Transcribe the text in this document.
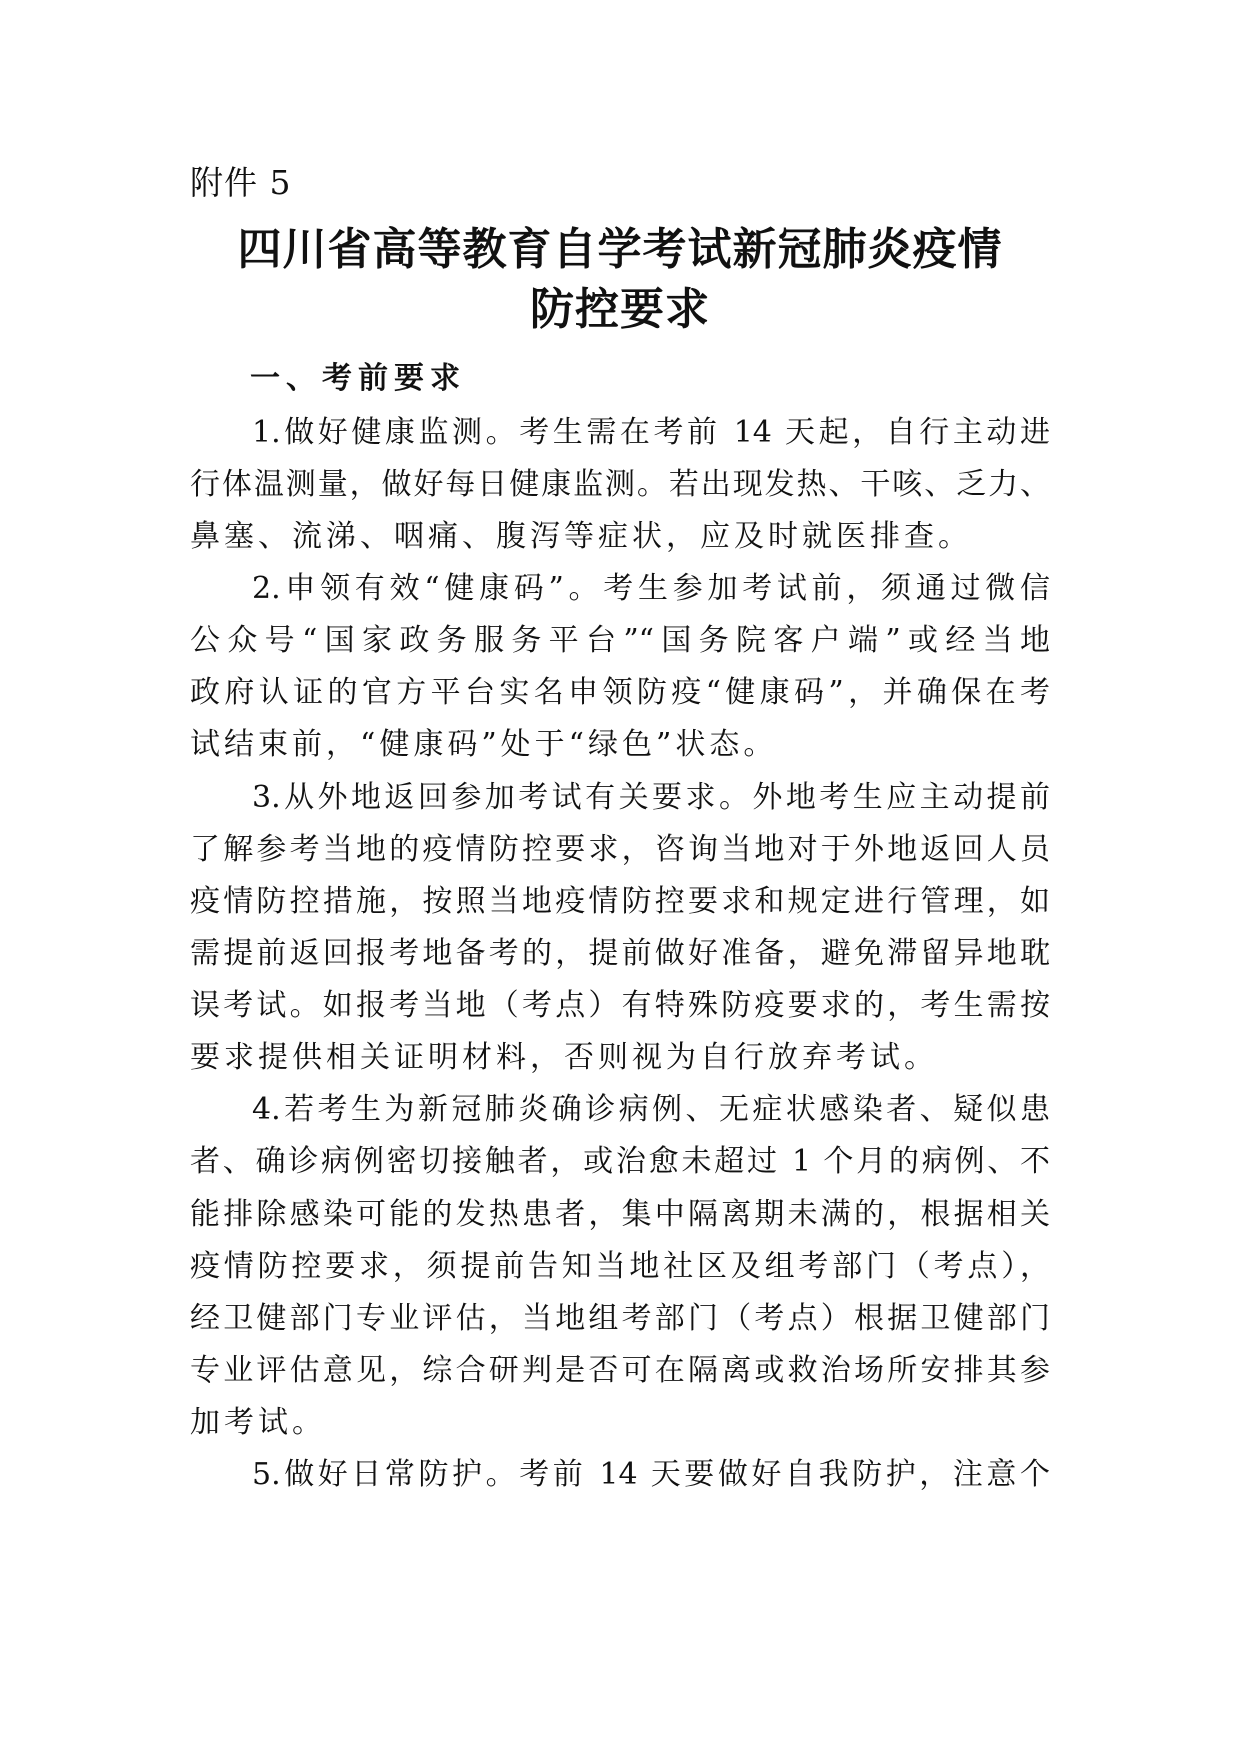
附件 5
四川省高等教育自学考试新冠肺炎疫情
防控要求
一、考前要求
1.做好健康监测。考生需在考前 14 天起，自行主动进
行体温测量，做好每日健康监测。若出现发热、干咳、乏力、
鼻塞、流涕、咽痛、腹泻等症状，应及时就医排查。
2.申领有效“健康码”。考生参加考试前，须通过微信
公众号“国家政务服务平台”“国务院客户端”或经当地
政府认证的官方平台实名申领防疫“健康码”，并确保在考
试结束前，“健康码”处于“绿色”状态。
3.从外地返回参加考试有关要求。外地考生应主动提前
了解参考当地的疫情防控要求，咨询当地对于外地返回人员
疫情防控措施，按照当地疫情防控要求和规定进行管理，如
需提前返回报考地备考的，提前做好准备，避免滞留异地耽
误考试。如报考当地（考点）有特殊防疫要求的，考生需按
要求提供相关证明材料，否则视为自行放弃考试。
4.若考生为新冠肺炎确诊病例、无症状感染者、疑似患
者、确诊病例密切接触者，或治愈未超过 1 个月的病例、不
能排除感染可能的发热患者，集中隔离期未满的，根据相关
疫情防控要求，须提前告知当地社区及组考部门（考点），
经卫健部门专业评估，当地组考部门（考点）根据卫健部门
专业评估意见，综合研判是否可在隔离或救治场所安排其参
加考试。
5.做好日常防护。考前 14 天要做好自我防护，注意个
